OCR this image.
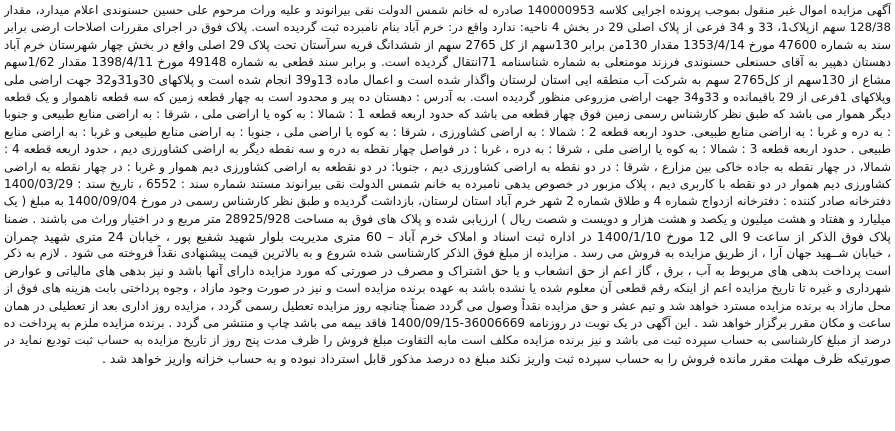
آگهی مزایده اموال غیر منقول بموجب پرونده اجرایی کلاسه 140000953 صادره له خانم شمس الدولت نقی بیرانوند و علیه وراث مرحوم علی حسین حسنوندی اعلام میدارد، مقدار
128/38 سهم ازپلاک1، 33 و 34 فرعی از پلاک اصلی 29 در بخش 4 ناحیه: ندارد واقع در: خرم آباد بنام نامبرده ثبت گردیده است. پلاک فوق در اجرای مقررات اصلاحات ارضی برابر
سند به شماره 47600 مورخ 1353/4/14 مقدار 130من برابر 130سهم از کل 2765 سهم از ششدانگ قریه سرآستان تحت پلاک 29 اصلی واقع در بخش چهار شهرستان خرم آباد
دهستان دهپیر به آقای حسنعلی حسنوندی فرزند مومنعلی به شماره شناسنامه 71انتقال گردیده است. و برابر سند قطعی به شماره 49148 مورخ 1398/4/11 مقدار 1/62سهم
مشاع از 130سهم از کل2765 سهم به شرکت آب منطقه ایی استان لرستان واگذار شده است و اعمال ماده 13و39 انجام شده است و پلاکهای 30و31و32 جهت اراضی ملی
وپلاکهای 1فرعی از 29 باقیمانده و 33و34 جهت اراضی مزروعی منظور گردیده است. به آدرس : دهستان ده پیر و محدود است به چهار قطعه زمین که سه قطعه ناهموار و یک قطعه
دیگر هموار می باشد که طبق نظر کارشناس رسمی زمین فوق چهار قطعه می باشد که حدود اربعه قطعه 1 : شمالا : به کوه یا اراضی ملی ، شرقا : به اراضی منابع طبیعی و جنوبا
: به دره و غربا : به اراضی منابع طبیعی. حدود اربعه قطعه 2 : شمالا : به اراضی کشاورزی ، شرقا : به کوه یا اراضی ملی ، جنوبا : به اراضی منابع طبیعی و غربا : به اراضی منابع
طبیعی . حدود اربعه قطعه 3 : شمالا : به کوه یا اراضی ملی ، شرقا : به دره ، غربا : در فواصل چهار نقطه به دره و سه نقطه دیگر به اراضی کشاورزی دیم ، حدود اربعه قطعه 4 :
شمالا، در چهار نقطه به جاده خاکی بین مزارع ، شرقا : در دو نقطه به اراضی کشاورزی دیم ، جنوبا: در دو نقطعه به اراضی کشاورزی دیم هموار و غربا : در چهار نقطه به اراضی
کشاورزی دیم هموار در دو نقطه با کاربری دیم ، پلاک مزبور در خصوص بدهی نامبرده به خانم شمس الدولت نقی بیرانوند مستند شماره سند : 6552 ، تاریخ سند : 1400/03/29
دفترخانه صادر کننده : دفترخانه ازدواج شماره 4 و طلاق شماره 2 شهر خرم آباد استان لرستان، بازداشت گردیده و طبق نظر کارشناس رسمی در مورخ 1400/09/04 به مبلغ ( یک
میلیارد و هفتاد و هشت میلیون و یکصد و هشت هزار و دویست و شصت ریال ) ارزیابی شده و پلاک های فوق به مساحت 28925/928 متر مربع و در اختیار وراث می باشند . ضمنا
پلاک فوق الذکر از ساعت 9 الی 12 مورخ 1400/1/10 در اداره ثبت اسناد و املاک خرم آباد – 60 متری مدیریت بلوار شهید شفیع پور ، خیابان 24 متری شهید چمران
، خیابان شــهید جهان آرا ، از طریق مزایده به فروش می رسد . مزایده از مبلغ فوق الذکر کارشناسی شده شروع و به بالاترین قیمت پیشنهادی نقداً فروخته می شود . لازم به ذکر
است پرداخت بدهی های مربوط به آب ، برق ، گاز اعم از حق انشعاب و یا حق اشتراک و مصرف در صورتی که مورد مزایده دارای آنها باشد و نیز بدهی های مالیاتی و عوارض
شهرداری و غیره تا تاریخ مزایده اعم از اینکه رقم قطعی آن معلوم شده یا نشده باشد به عهده برنده مزایده است و نیز در صورت وجود مازاد ، وجوه پرداختی بابت هزینه های فوق از
محل مازاد به برنده مزایده مسترد خواهد شد و تیم عشر و حق مزایده نقداً وصول می گردد ضمناً چنانچه روز مزایده تعطیل رسمی گردد ، مزایده روز اداری بعد از تعطیلی در همان
ساعت و مکان مقرر برگزار خواهد شد . این آگهی در یک نوبت در روزنامه 36006669-1400/09/15 فاقد بیمه می باشد چاپ و منتشر می گردد . برنده مزایده ملزم به پرداخت ده
درصد از مبلغ کارشناسی به حساب سپرده ثبت می باشد و نیز برنده مزایده مکلف است مابه التفاوت مبلغ فروش را ظرف مدت پنج روز از تاریخ مزایده به حساب ثبت تودیع نماید در
صورتیکه ظرف مهلت مقرر مانده فروش را به حساب سپرده ثبت واریز نکند مبلغ ده درصد مذکور قابل استرداد نبوده و به حساب خزانه واریز خواهد شد .
